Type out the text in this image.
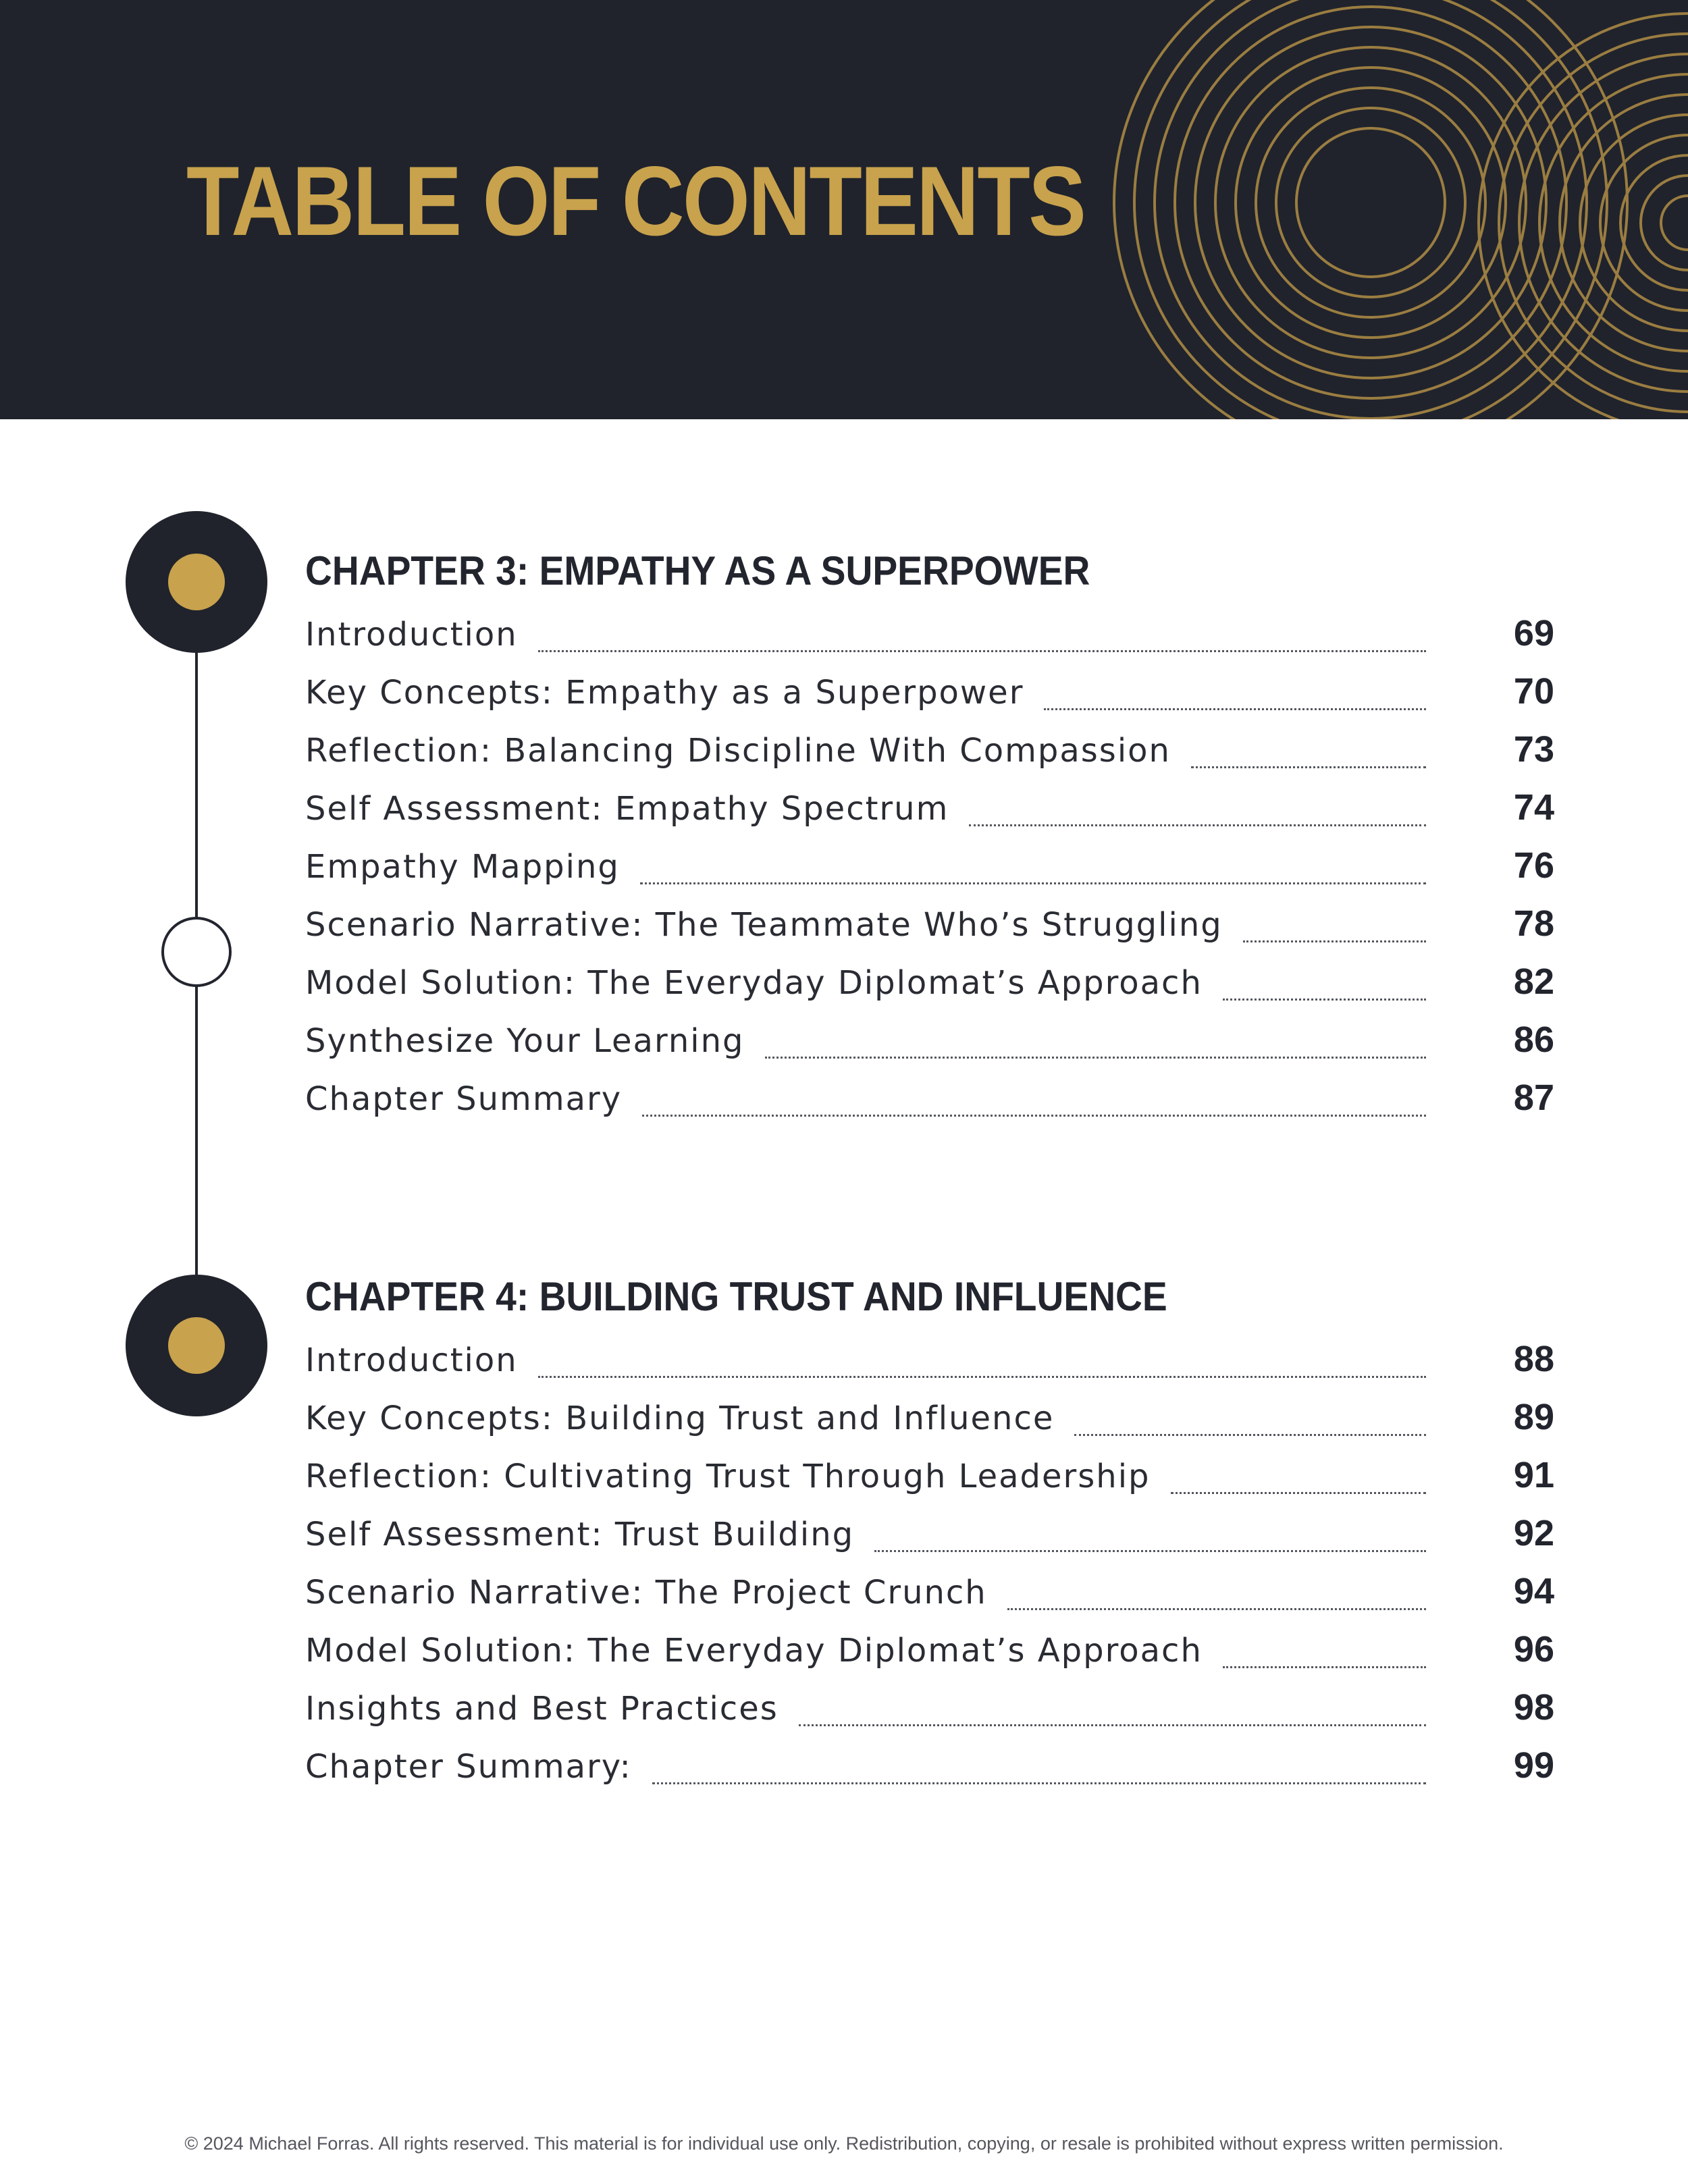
TABLE OF CONTENTS
CHAPTER 3: EMPATHY AS A SUPERPOWER
Introduction	69
Key Concepts: Empathy as a Superpower	70
Reflection: Balancing Discipline With Compassion	73
Self Assessment: Empathy Spectrum	74
Empathy Mapping	76
Scenario Narrative: The Teammate Who’s Struggling	78
Model Solution: The Everyday Diplomat’s Approach	82
Synthesize Your Learning	86
Chapter Summary	87
CHAPTER 4: BUILDING TRUST AND INFLUENCE
Introduction	88
Key Concepts: Building Trust and Influence	89
Reflection: Cultivating Trust Through Leadership	91
Self Assessment: Trust Building	92
Scenario Narrative: The Project Crunch	94
Model Solution: The Everyday Diplomat’s Approach	96
Insights and Best Practices	98
Chapter Summary:	99

© 2024 Michael Forras. All rights reserved. This material is for individual use only. Redistribution, copying, or resale is prohibited without express written permission.
